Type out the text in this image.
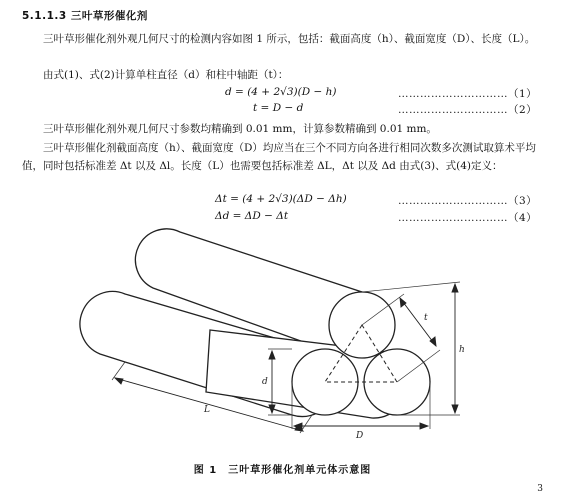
5.1.1.3 三叶草形催化剂
三叶草形催化剂外观几何尺寸的检测内容如图 1 所示，包括：截面高度（h）、截面宽度（D）、长度（L）。
由式(1)、式(2)计算单柱直径（d）和柱中轴距（t）：
d = (4 + 2√3)(D − h)	…………………………（1）
t = D − d	…………………………（2）
三叶草形催化剂外观几何尺寸参数均精确到 0.01 mm，计算参数精确到 0.01 mm。
三叶草形催化剂截面高度（h）、截面宽度（D）均应当在三个不同方向各进行相同次数多次测试取算术平均值，同时包括标准差 Δt 以及 Δl。长度（L）也需要包括标准差 ΔL，Δt 以及 Δd 由式(3)、式(4)定义：
Δt = (4 + 2√3)(ΔD − Δh)	…………………………（3）
Δd = ΔD − Δt	…………………………（4）
h
d
D
t
L
图 1　三叶草形催化剂单元体示意图
3
